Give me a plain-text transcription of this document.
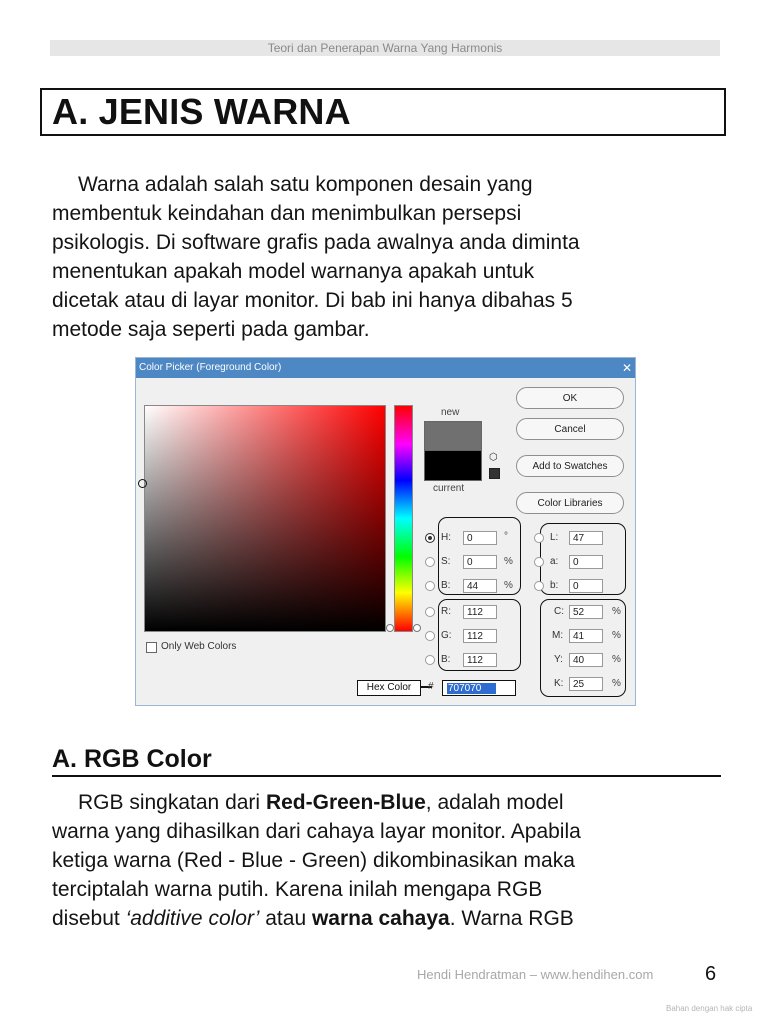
Teori dan Penerapan Warna Yang Harmonis
A. JENIS WARNA
Warna adalah salah satu komponen desain yang
membentuk keindahan dan menimbulkan persepsi
psikologis. Di software grafis pada awalnya anda diminta
menentukan apakah model warnanya apakah untuk
dicetak atau di layar monitor. Di bab ini hanya dibahas 5
metode saja seperti pada gambar.
Color Picker (Foreground Color)	✕
new
current
⬡
OK
Cancel
Add to Swatches
Color Libraries
Only Web Colors
H:	0	°
S:	0	%
B:	44	%
R:	112
G:	112
B:	112
L:	47
a:	0
b:	0
C: 52	%
M: 41	%
Y:	40	%
K: 25	%
Hex Color	# 707070
A. RGB Color
RGB singkatan dari Red-Green-Blue, adalah model
warna yang dihasilkan dari cahaya layar monitor. Apabila
ketiga warna (Red - Blue - Green) dikombinasikan maka
terciptalah warna putih. Karena inilah mengapa RGB
disebut ‘additive color’ atau warna cahaya. Warna RGB
Hendi Hendratman – www.hendihen.com	6
Bahan dengan hak cipta
